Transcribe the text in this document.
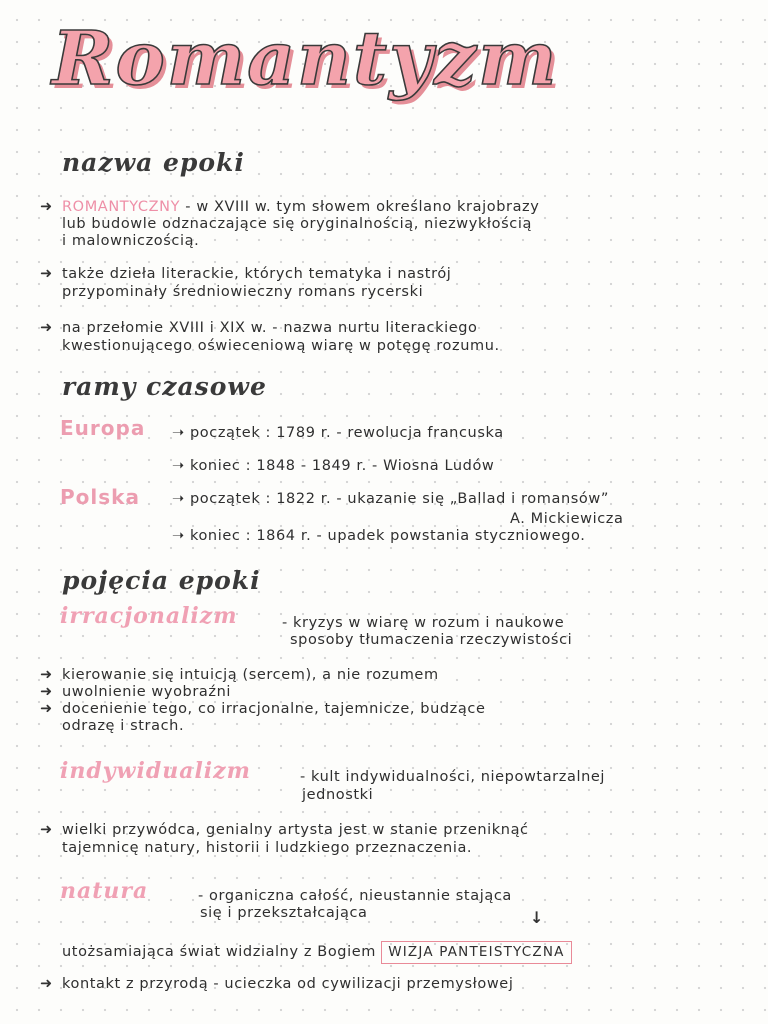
Romantyzm
nazwa epoki
➜ ROMANTYCZNY - w XVIII w. tym słowem określano krajobrazy
lub budowle odznaczające się oryginalnością, niezwykłością
i malowniczością.
➜ także dzieła literackie, których tematyka i nastrój
przypominały średniowieczny romans rycerski
➜ na przełomie XVIII i XIX w. - nazwa nurtu literackiego
kwestionującego oświeceniową wiarę w potęgę rozumu.
ramy czasowe
Europa ➝ początek : 1789 r. - rewolucja francuska
➝ koniec : 1848 - 1849 r. - Wiosna Ludów
Polska ➝ początek : 1822 r. - ukazanie się „Ballad i romansów”
A. Mickiewicza
➝ koniec : 1864 r. - upadek powstania styczniowego.
pojęcia epoki
irracjonalizm	- kryzys w wiarę w rozum i naukowe
sposoby tłumaczenia rzeczywistości
➜ kierowanie się intuicją (sercem), a nie rozumem
➜ uwolnienie wyobraźni
➜ docenienie tego, co irracjonalne, tajemnicze, budzące
odrazę i strach.
indywidualizm	- kult indywidualności, niepowtarzalnej
jednostki
➜ wielki przywódca, genialny artysta jest w stanie przeniknąć
tajemnicę natury, historii i ludzkiego przeznaczenia.
natura	- organiczna całość, nieustannie stająca
się i przekształcająca	↓
utożsamiająca świat widzialny z Bogiem WIZJA PANTEISTYCZNA
➜ kontakt z przyrodą - ucieczka od cywilizacji przemysłowej
